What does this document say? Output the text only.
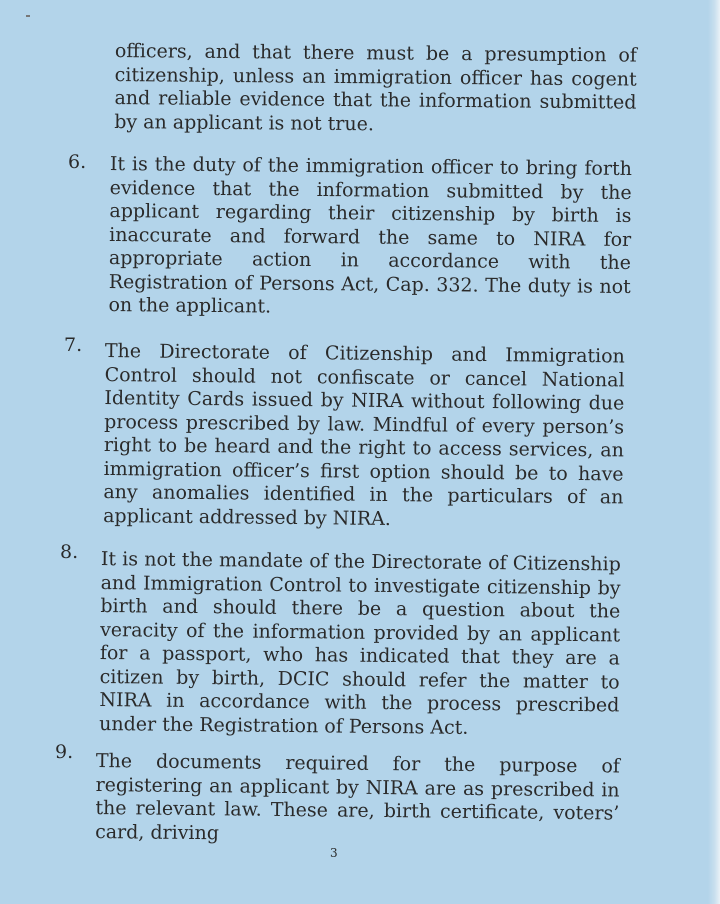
officers, and that there must be a presumption of citizenship, unless an immigration officer has cogent and reliable evidence that the information submitted by an applicant is not true.
6. It is the duty of the immigration officer to bring forth evidence that the information submitted by the applicant regarding their citizenship by birth is inaccurate and forward the same to NIRA for appropriate action in accordance with the Registration of Persons Act, Cap. 332. The duty is not on the applicant.
7. The Directorate of Citizenship and Immigration Control should not confiscate or cancel National Identity Cards issued by NIRA without following due process prescribed by law. Mindful of every person’s right to be heard and the right to access services, an immigration officer’s first option should be to have any anomalies identified in the particulars of an applicant addressed by NIRA.
8. It is not the mandate of the Directorate of Citizenship and Immigration Control to investigate citizenship by birth and should there be a question about the veracity of the information provided by an applicant for a passport, who has indicated that they are a citizen by birth, DCIC should refer the matter to NIRA in accordance with the process prescribed under the Registration of Persons Act.
9. The documents required for the purpose of registering an applicant by NIRA are as prescribed in the relevant law. These are, birth certificate, voters’ card, driving
3
